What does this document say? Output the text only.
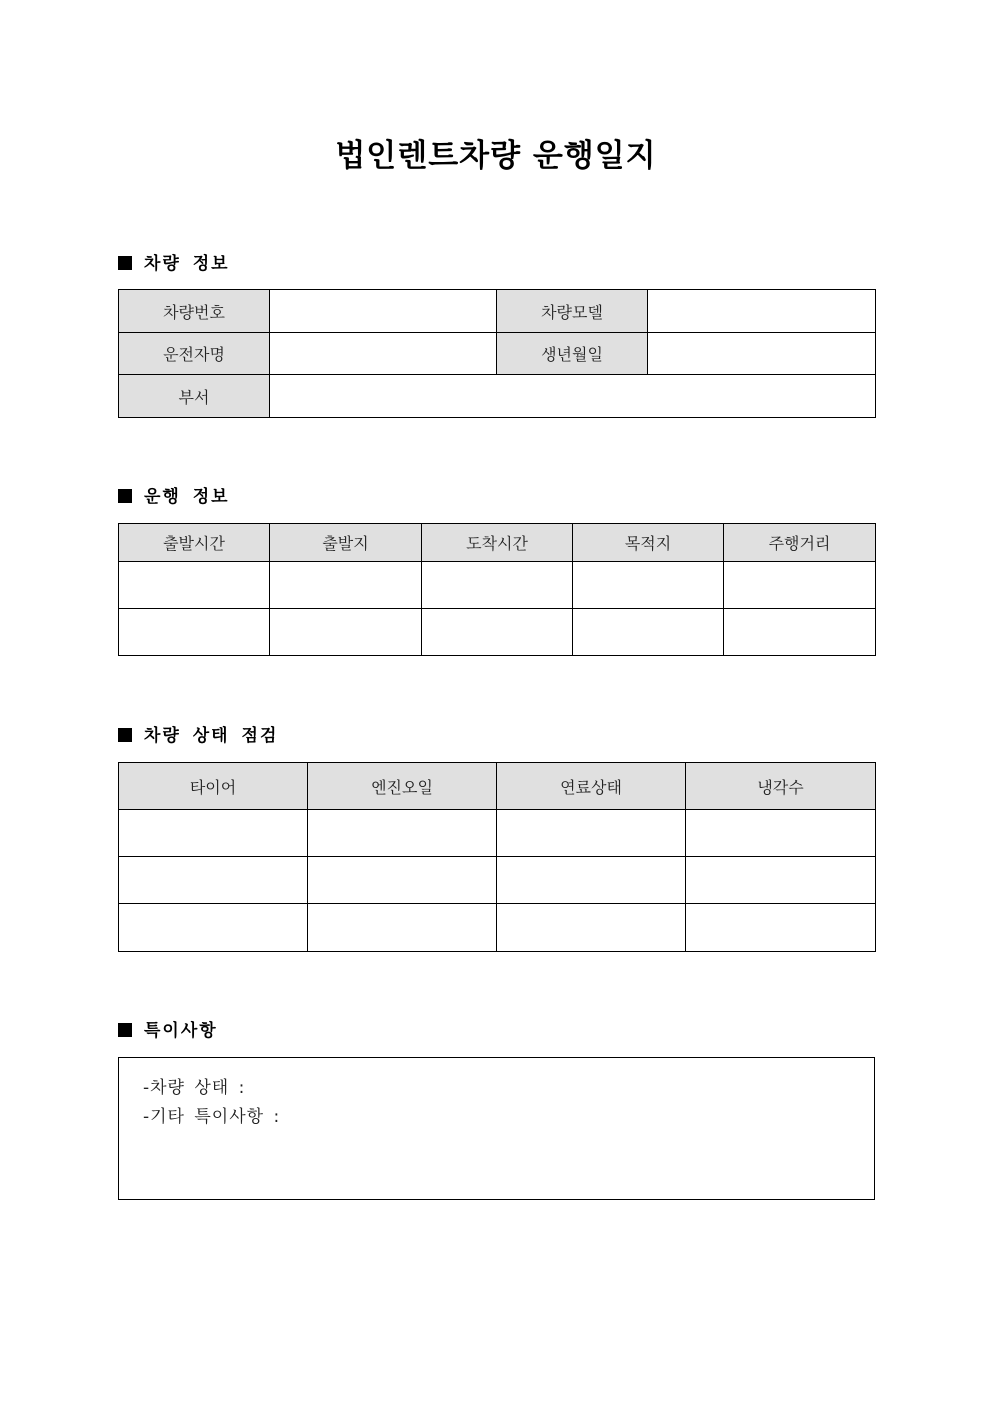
법인렌트차량 운행일지
차량 정보
차량번호		차량모델	
운전자명		생년월일	
부서			
운행 정보
출발시간	출발지	도착시간	목적지	주행거리

차량 상태 점검
타이어	엔진오일	연료상태	냉각수

특이사항
-차량 상태 :
-기타 특이사항 :
